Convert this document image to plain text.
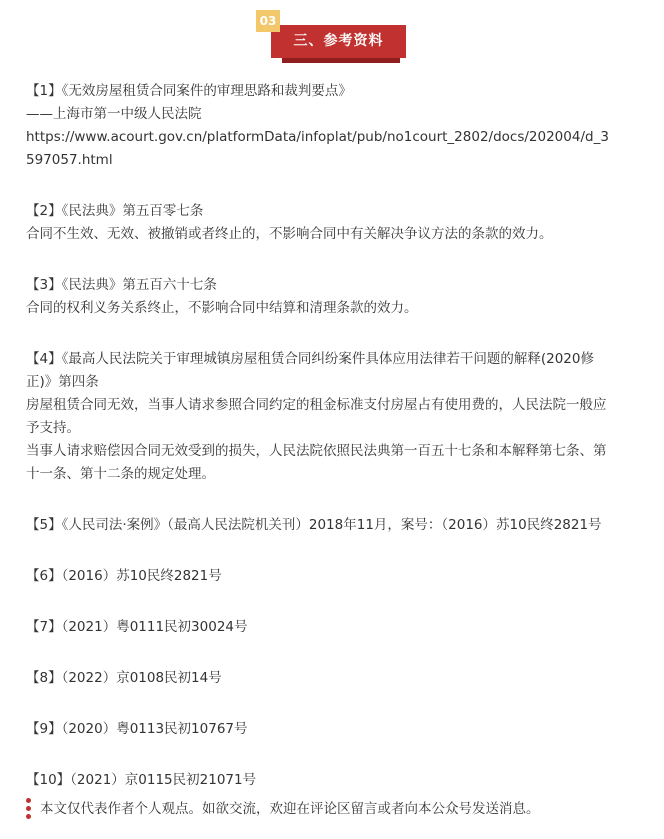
03
三、参考资料
【1】《无效房屋租赁合同案件的审理思路和裁判要点》
——上海市第一中级人民法院
https://www.acourt.gov.cn/platformData/infoplat/pub/no1court_2802/docs/202004/d_3
597057.html
【2】《民法典》第五百零七条
合同不生效、无效、被撤销或者终止的，不影响合同中有关解决争议方法的条款的效力。
【3】《民法典》第五百六十七条
合同的权利义务关系终止，不影响合同中结算和清理条款的效力。
【4】《最高人民法院关于审理城镇房屋租赁合同纠纷案件具体应用法律若干问题的解释(2020修
正)》第四条
房屋租赁合同无效，当事人请求参照合同约定的租金标准支付房屋占有使用费的，人民法院一般应
予支持。
当事人请求赔偿因合同无效受到的损失，人民法院依照民法典第一百五十七条和本解释第七条、第
十一条、第十二条的规定处理。
【5】《人民司法·案例》（最高人民法院机关刊）2018年11月，案号：（2016）苏10民终2821号
【6】（2016）苏10民终2821号
【7】（2021）粤0111民初30024号
【8】（2022）京0108民初14号
【9】（2020）粤0113民初10767号
【10】（2021）京0115民初21071号
本文仅代表作者个人观点。如欲交流，欢迎在评论区留言或者向本公众号发送消息。
